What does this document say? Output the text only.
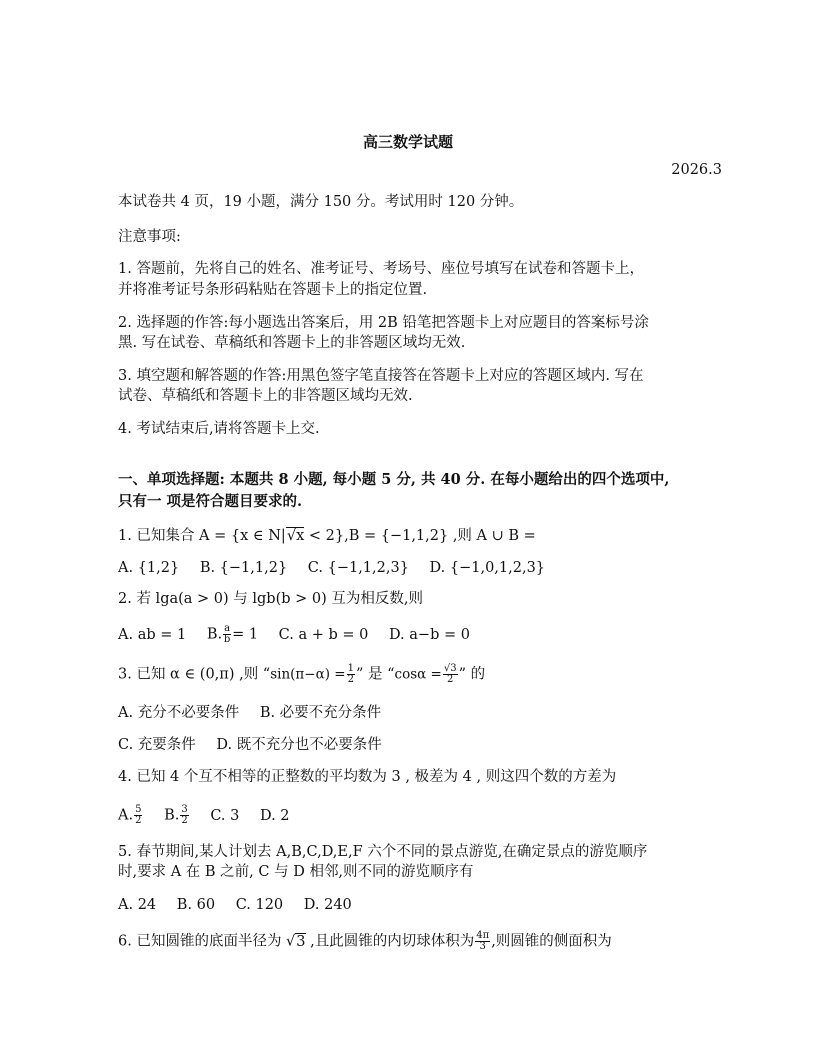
高三数学试题
2026.3
本试卷共 4 页，19 小题，满分 150 分。考试用时 120 分钟。
注意事项:
1. 答题前，先将自己的姓名、准考证号、考场号、座位号填写在试卷和答题卡上，
并将准考证号条形码粘贴在答题卡上的指定位置.
2. 选择题的作答:每小题选出答案后，用 2B 铅笔把答题卡上对应题目的答案标号涂
黑. 写在试卷、草稿纸和答题卡上的非答题区域均无效.
3. 填空题和解答题的作答:用黑色签字笔直接答在答题卡上对应的答题区域内. 写在
试卷、草稿纸和答题卡上的非答题区域均无效.
4. 考试结束后,请将答题卡上交.
一、单项选择题: 本题共 8 小题, 每小题 5 分, 共 40 分. 在每小题给出的四个选项中,
只有一 项是符合题目要求的.
1. 已知集合 A = {x ∈ N|√x < 2},B = {−1,1,2} ,则 A ∪ B =
A. {1,2} B. {−1,1,2} C. {−1,1,2,3} D. {−1,0,1,2,3}
2. 若 lga(a > 0) 与 lgb(b > 0) 互为相反数,则
A. ab = 1 B. $\frac{a}{b} = 1$ C. a + b = 0 D. a−b = 0
3. 已知 α ∈ (0,π) ,则 “$\sin(\pi-\alpha) = \frac{1}{2}$ ” 是 “$\cos\alpha = \frac{√3}{2}$ ” 的
A. 充分不必要条件 B. 必要不充分条件
C. 充要条件 D. 既不充分也不必要条件
4. 已知 4 个互不相等的正整数的平均数为 3 , 极差为 4 , 则这四个数的方差为
A. $\frac{5}{2} B$. $\frac{3}{2} C$. 3 D. 2
5. 春节期间,某人计划去 A,B,C,D,E,F 六个不同的景点游览,在确定景点的游览顺序
时,要求 A 在 B 之前, C 与 D 相邻,则不同的游览顺序有
A. 24 B. 60 C. 120 D. 240
6. 已知圆锥的底面半径为 √3 ,且此圆锥的内切球体积为 $\frac{4\pi}{3}$ ,则圆锥的侧面积为
